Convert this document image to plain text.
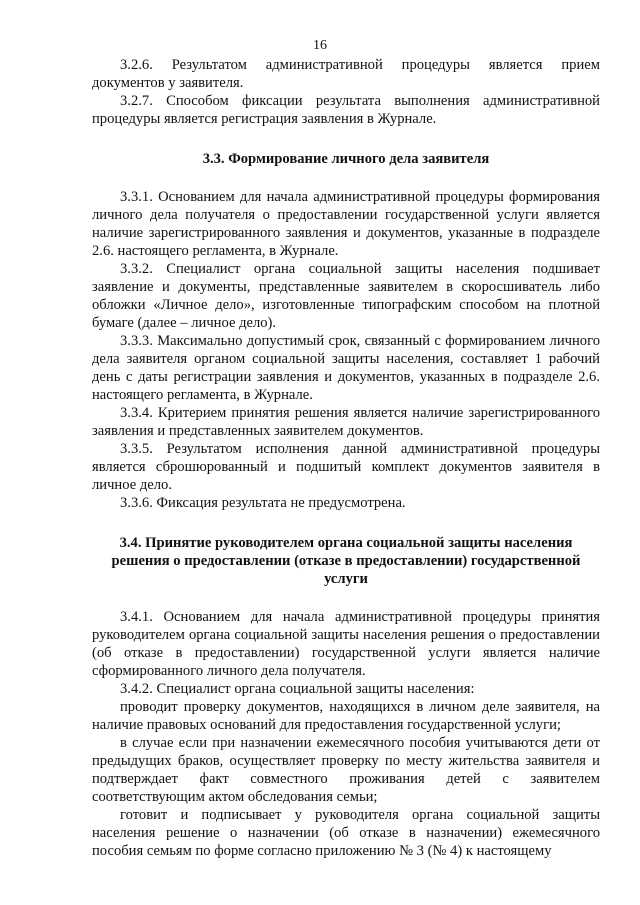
16

3.2.6. Результатом административной процедуры является прием документов у заявителя.

3.2.7. Способом фиксации результата выполнения административной процедуры является регистрация заявления в Журнале.

3.3. Формирование личного дела заявителя

3.3.1. Основанием для начала административной процедуры формирования личного дела получателя о предоставлении государственной услуги является наличие зарегистрированного заявления и документов, указанные в подразделе 2.6. настоящего регламента, в Журнале.

3.3.2. Специалист органа социальной защиты населения подшивает заявление и документы, представленные заявителем в скоросшиватель либо обложки «Личное дело», изготовленные типографским способом на плотной бумаге (далее – личное дело).

3.3.3. Максимально допустимый срок, связанный с формированием личного дела заявителя органом социальной защиты населения, составляет 1 рабочий день с даты регистрации заявления и документов, указанных в подразделе 2.6. настоящего регламента, в Журнале.

3.3.4. Критерием принятия решения является наличие зарегистрированного заявления и представленных заявителем документов.

3.3.5. Результатом исполнения данной административной процедуры является сброшюрованный и подшитый комплект документов заявителя в личное дело.

3.3.6. Фиксация результата не предусмотрена.

3.4. Принятие руководителем органа социальной защиты населения решения о предоставлении (отказе в предоставлении) государственной услуги

3.4.1. Основанием для начала административной процедуры принятия руководителем органа социальной защиты населения решения о предоставлении (об отказе в предоставлении) государственной услуги является наличие сформированного личного дела получателя.

3.4.2. Специалист органа социальной защиты населения:

проводит проверку документов, находящихся в личном деле заявителя, на наличие правовых оснований для предоставления государственной услуги;

в случае если при назначении ежемесячного пособия учитываются дети от предыдущих браков, осуществляет проверку по месту жительства заявителя и подтверждает факт совместного проживания детей с заявителем соответствующим актом обследования семьи;

готовит и подписывает у руководителя органа социальной защиты населения решение о назначении (об отказе в назначении) ежемесячного пособия семьям по форме согласно приложению № 3 (№ 4) к настоящему
